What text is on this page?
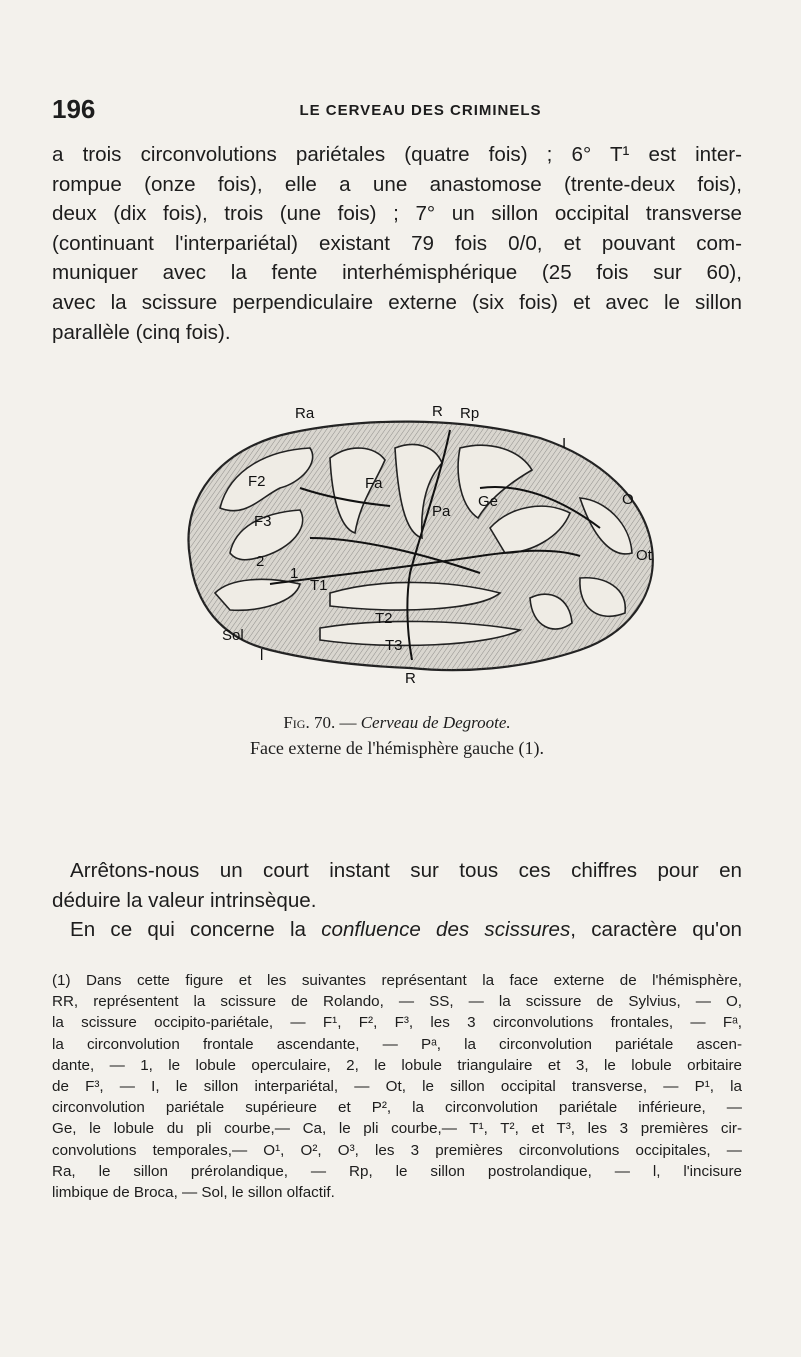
196	LE CERVEAU DES CRIMINELS
a trois circonvolutions pariétales (quatre fois) ; 6° T¹ est inter-
rompue (onze fois), elle a une anastomose (trente-deux fois),
deux (dix fois), trois (une fois) ; 7° un sillon occipital transverse
(continuant l'interpariétal) existant 79 fois 0/0, et pouvant com-
muniquer avec la fente interhémisphérique (25 fois sur 60),
avec la scissure perpendiculaire externe (six fois) et avec le sillon
parallèle (cinq fois).
Ra	R Rp
I
Fa
Pa
Ge
F2
F3
O
Ot
2
1
T1
T2
T3
Sol
l
R
Fig. 70. — Cerveau de Degroote.
Face externe de l'hémisphère gauche (1).
Arrêtons-nous un court instant sur tous ces chiffres pour en
déduire la valeur intrinsèque.
En ce qui concerne la confluence des scissures, caractère qu'on
(1) Dans cette figure et les suivantes représentant la face externe de l'hémisphère,
RR, représentent la scissure de Rolando, — SS, — la scissure de Sylvius, — O,
la scissure occipito-pariétale, — F¹, F², F³, les 3 circonvolutions frontales, — Fᵃ,
la circonvolution frontale ascendante, — Pᵃ, la circonvolution pariétale ascen-
dante, — 1, le lobule operculaire, 2, le lobule triangulaire et 3, le lobule orbitaire
de F³, — I, le sillon interpariétal, — Ot, le sillon occipital transverse, — P¹, la
circonvolution pariétale supérieure et P², la circonvolution pariétale inférieure, —
Ge, le lobule du pli courbe,— Ca, le pli courbe,— T¹, T², et T³, les 3 premières cir-
convolutions temporales,— O¹, O², O³, les 3 premières circonvolutions occipitales, —
Ra, le sillon prérolandique, — Rp, le sillon postrolandique, — l, l'incisure
limbique de Broca, — Sol, le sillon olfactif.
